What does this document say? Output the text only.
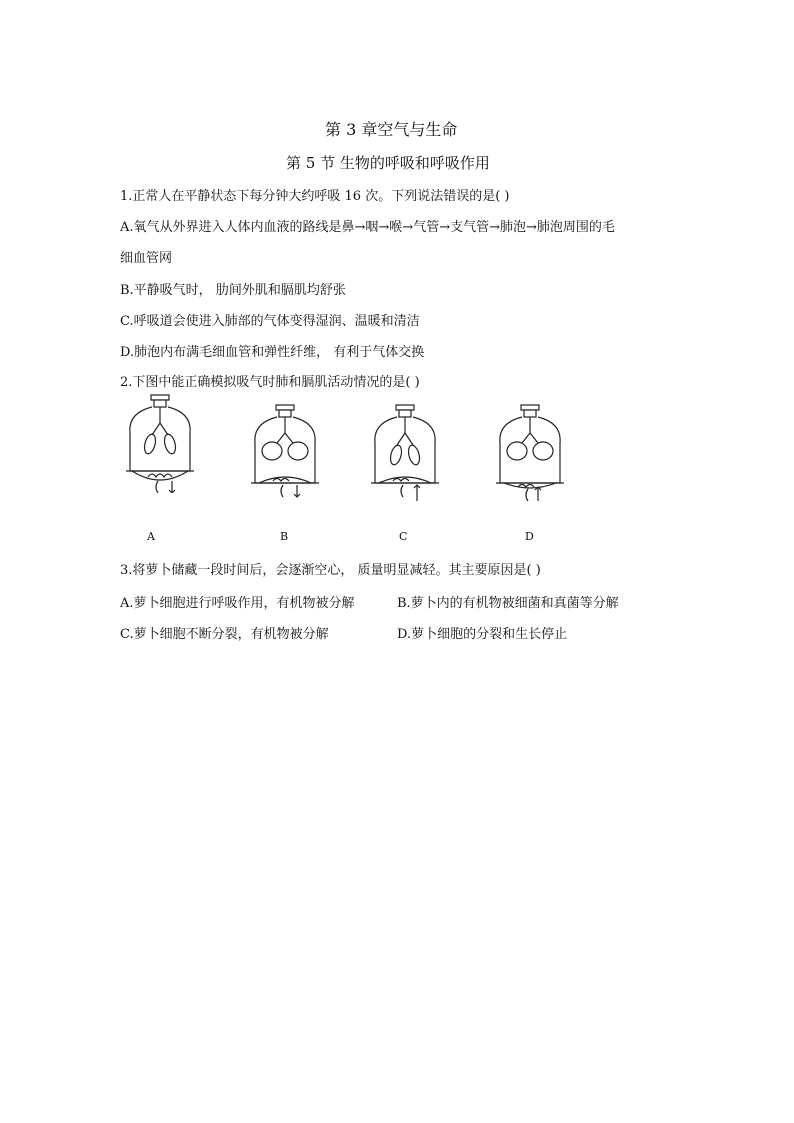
第 3 章空气与生命
第 5 节 生物的呼吸和呼吸作用
1.正常人在平静状态下每分钟大约呼吸 16 次。下列说法错误的是( )
A.氧气从外界进入人体内血液的路线是鼻→咽→喉→气管→支气管→肺泡→肺泡周围的毛
细血管网
B.平静吸气时， 肋间外肌和膈肌均舒张
C.呼吸道会使进入肺部的气体变得湿润、温暖和清洁
D.肺泡内布满毛细血管和弹性纤维， 有利于气体交换
2.下图中能正确模拟吸气时肺和膈肌活动情况的是( )
A	B	C	D
3.将萝卜储藏一段时间后，会逐渐空心， 质量明显减轻。其主要原因是( )
A.萝卜细胞进行呼吸作用，有机物被分解	B.萝卜内的有机物被细菌和真菌等分解
C.萝卜细胞不断分裂，有机物被分解	D.萝卜细胞的分裂和生长停止
